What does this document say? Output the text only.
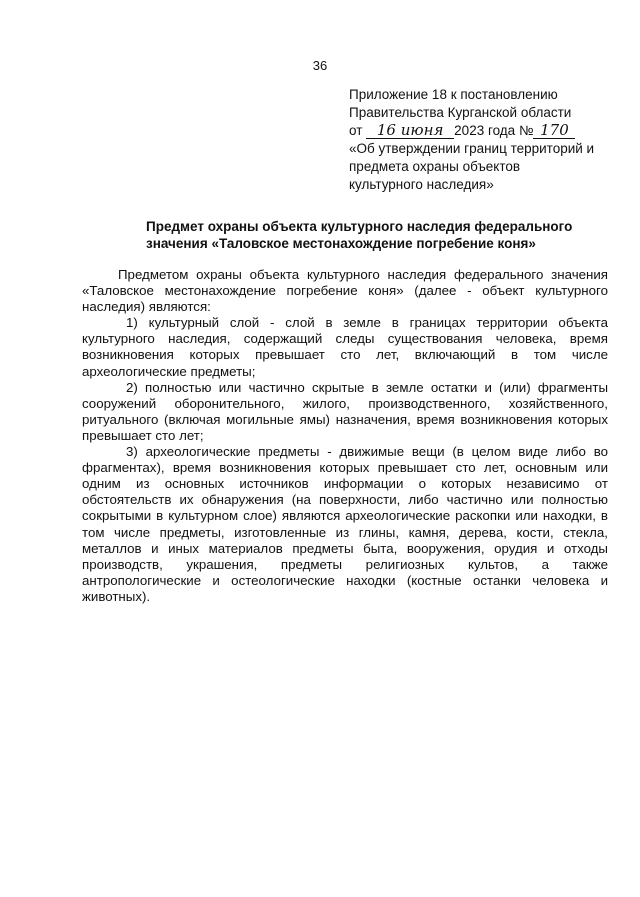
36
Приложение 18 к постановлению
Правительства Курганской области
от 16 июня 2023 года № 170
«Об утверждении границ территорий и
предмета охраны объектов
культурного наследия»
Предмет охраны объекта культурного наследия федерального
значения «Таловское местонахождение погребение коня»

Предметом охраны объекта культурного наследия федерального значения «Таловское местонахождение погребение коня» (далее - объект культурного наследия) являются:

1) культурный слой - слой в земле в границах территории объекта культурного наследия, содержащий следы существования человека, время возникновения которых превышает сто лет, включающий в том числе археологические предметы;

2) полностью или частично скрытые в земле остатки и (или) фрагменты сооружений оборонительного, жилого, производственного, хозяйственного, ритуального (включая могильные ямы) назначения, время возникновения которых превышает сто лет;

3) археологические предметы - движимые вещи (в целом виде либо во фрагментах), время возникновения которых превышает сто лет, основным или одним из основных источников информации о которых независимо от обстоятельств их обнаружения (на поверхности, либо частично или полностью сокрытыми в культурном слое) являются археологические раскопки или находки, в том числе предметы, изготовленные из глины, камня, дерева, кости, стекла, металлов и иных материалов предметы быта, вооружения, орудия и отходы производств, украшения, предметы религиозных культов, а также антропологические и остеологические находки (костные останки человека и животных).
